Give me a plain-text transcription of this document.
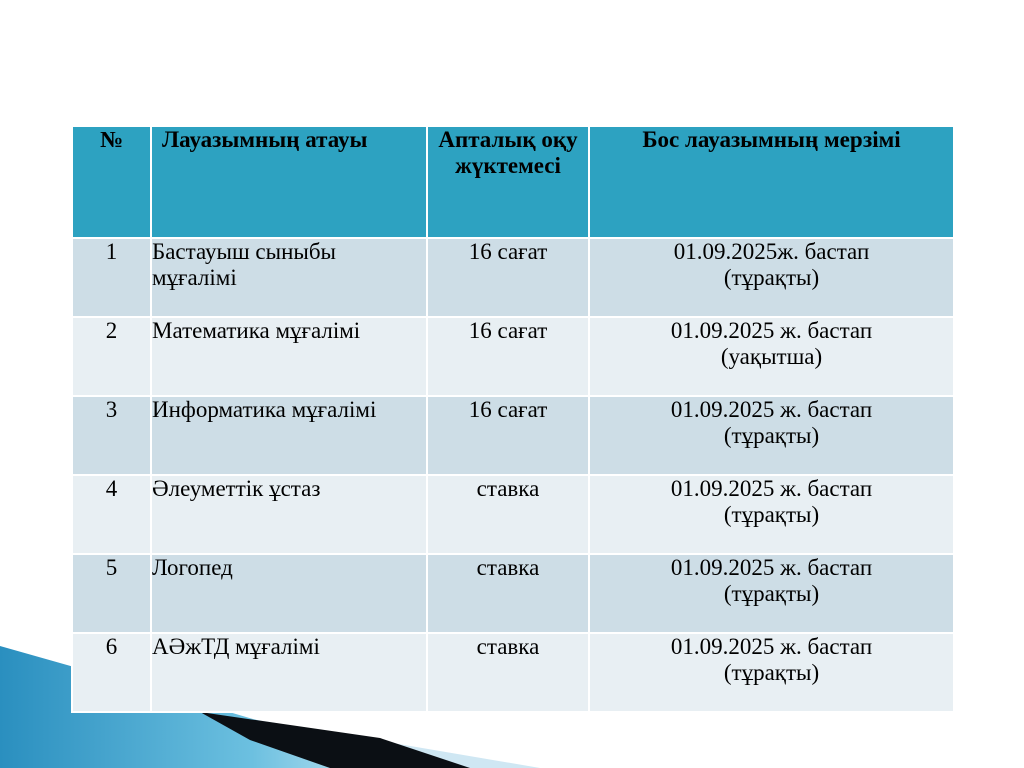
№	Лауазымның атауы	Апталық оқу жүктемесі	Бос лауазымның мерзімі
1	Бастауыш сыныбы мұғалімі	16 сағат	01.09.2025ж. бастап
(тұрақты)

2	Математика мұғалімі	16 сағат	01.09.2025 ж. бастап
(уақытша)

3	Информатика мұғалімі	16 сағат	01.09.2025 ж. бастап
(тұрақты)

4	Әлеуметтік ұстаз	ставка	01.09.2025 ж. бастап
(тұрақты)

5	Логопед	ставка	01.09.2025 ж. бастап
(тұрақты)

6	АӘжТД мұғалімі	ставка	01.09.2025 ж. бастап
(тұрақты)
